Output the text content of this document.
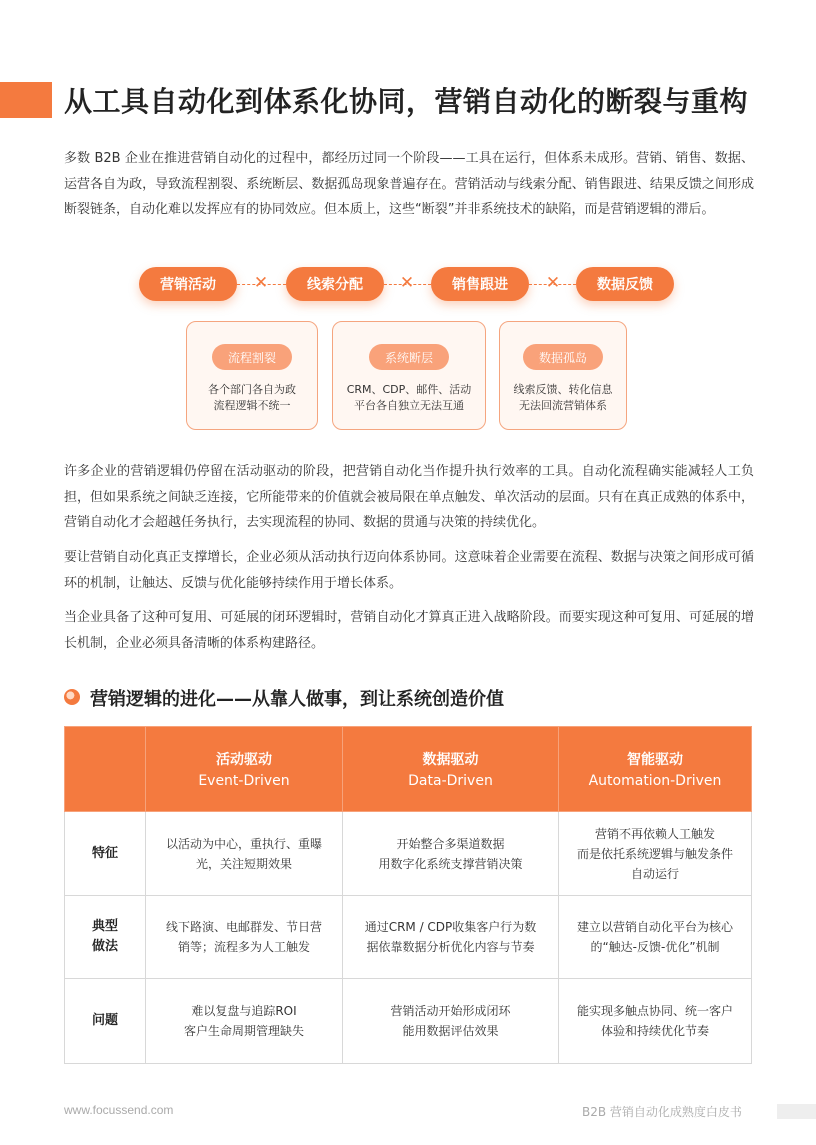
从工具自动化到体系化协同，营销自动化的断裂与重构

多数 B2B 企业在推进营销自动化的过程中，都经历过同一个阶段——工具在运行，但体系未成形。营销、销售、数据、运营各自为政，导致流程割裂、系统断层、数据孤岛现象普遍存在。营销活动与线索分配、销售跟进、结果反馈之间形成断裂链条，自动化难以发挥应有的协同效应。但本质上，这些“断裂”并非系统技术的缺陷，而是营销逻辑的滞后。

营销活动	线索分配	销售跟进	数据反馈
✕	✕	✕
流程割裂
各个部门各自为政
流程逻辑不统一
系统断层
CRM、CDP、邮件、活动
平台各自独立无法互通
数据孤岛
线索反馈、转化信息
无法回流营销体系

许多企业的营销逻辑仍停留在活动驱动的阶段，把营销自动化当作提升执行效率的工具。自动化流程确实能减轻人工负担，但如果系统之间缺乏连接，它所能带来的价值就会被局限在单点触发、单次活动的层面。只有在真正成熟的体系中，营销自动化才会超越任务执行，去实现流程的协同、数据的贯通与决策的持续优化。

要让营销自动化真正支撑增长，企业必须从活动执行迈向体系协同。这意味着企业需要在流程、数据与决策之间形成可循环的机制，让触达、反馈与优化能够持续作用于增长体系。

当企业具备了这种可复用、可延展的闭环逻辑时，营销自动化才算真正进入战略阶段。而要实现这种可复用、可延展的增长机制，企业必须具备清晰的体系构建路径。

营销逻辑的进化——从靠人做事，到让系统创造价值

	活动驱动
Event-Driven	数据驱动
Data-Driven	智能驱动
Automation-Driven

特征	以活动为中心，重执行、重曝
光，关注短期效果	开始整合多渠道数据
用数字化系统支撑营销决策	营销不再依赖人工触发
而是依托系统逻辑与触发条件
自动运行

典型
做法	线下路演、电邮群发、节日营
销等；流程多为人工触发	通过CRM / CDP收集客户行为数
据依靠数据分析优化内容与节奏	建立以营销自动化平台为核心
的“触达-反馈-优化”机制

问题	难以复盘与追踪ROI
客户生命周期管理缺失	营销活动开始形成闭环
能用数据评估效果	能实现多触点协同、统一客户
体验和持续优化节奏
www.focussend.com	B2B 营销自动化成熟度白皮书
